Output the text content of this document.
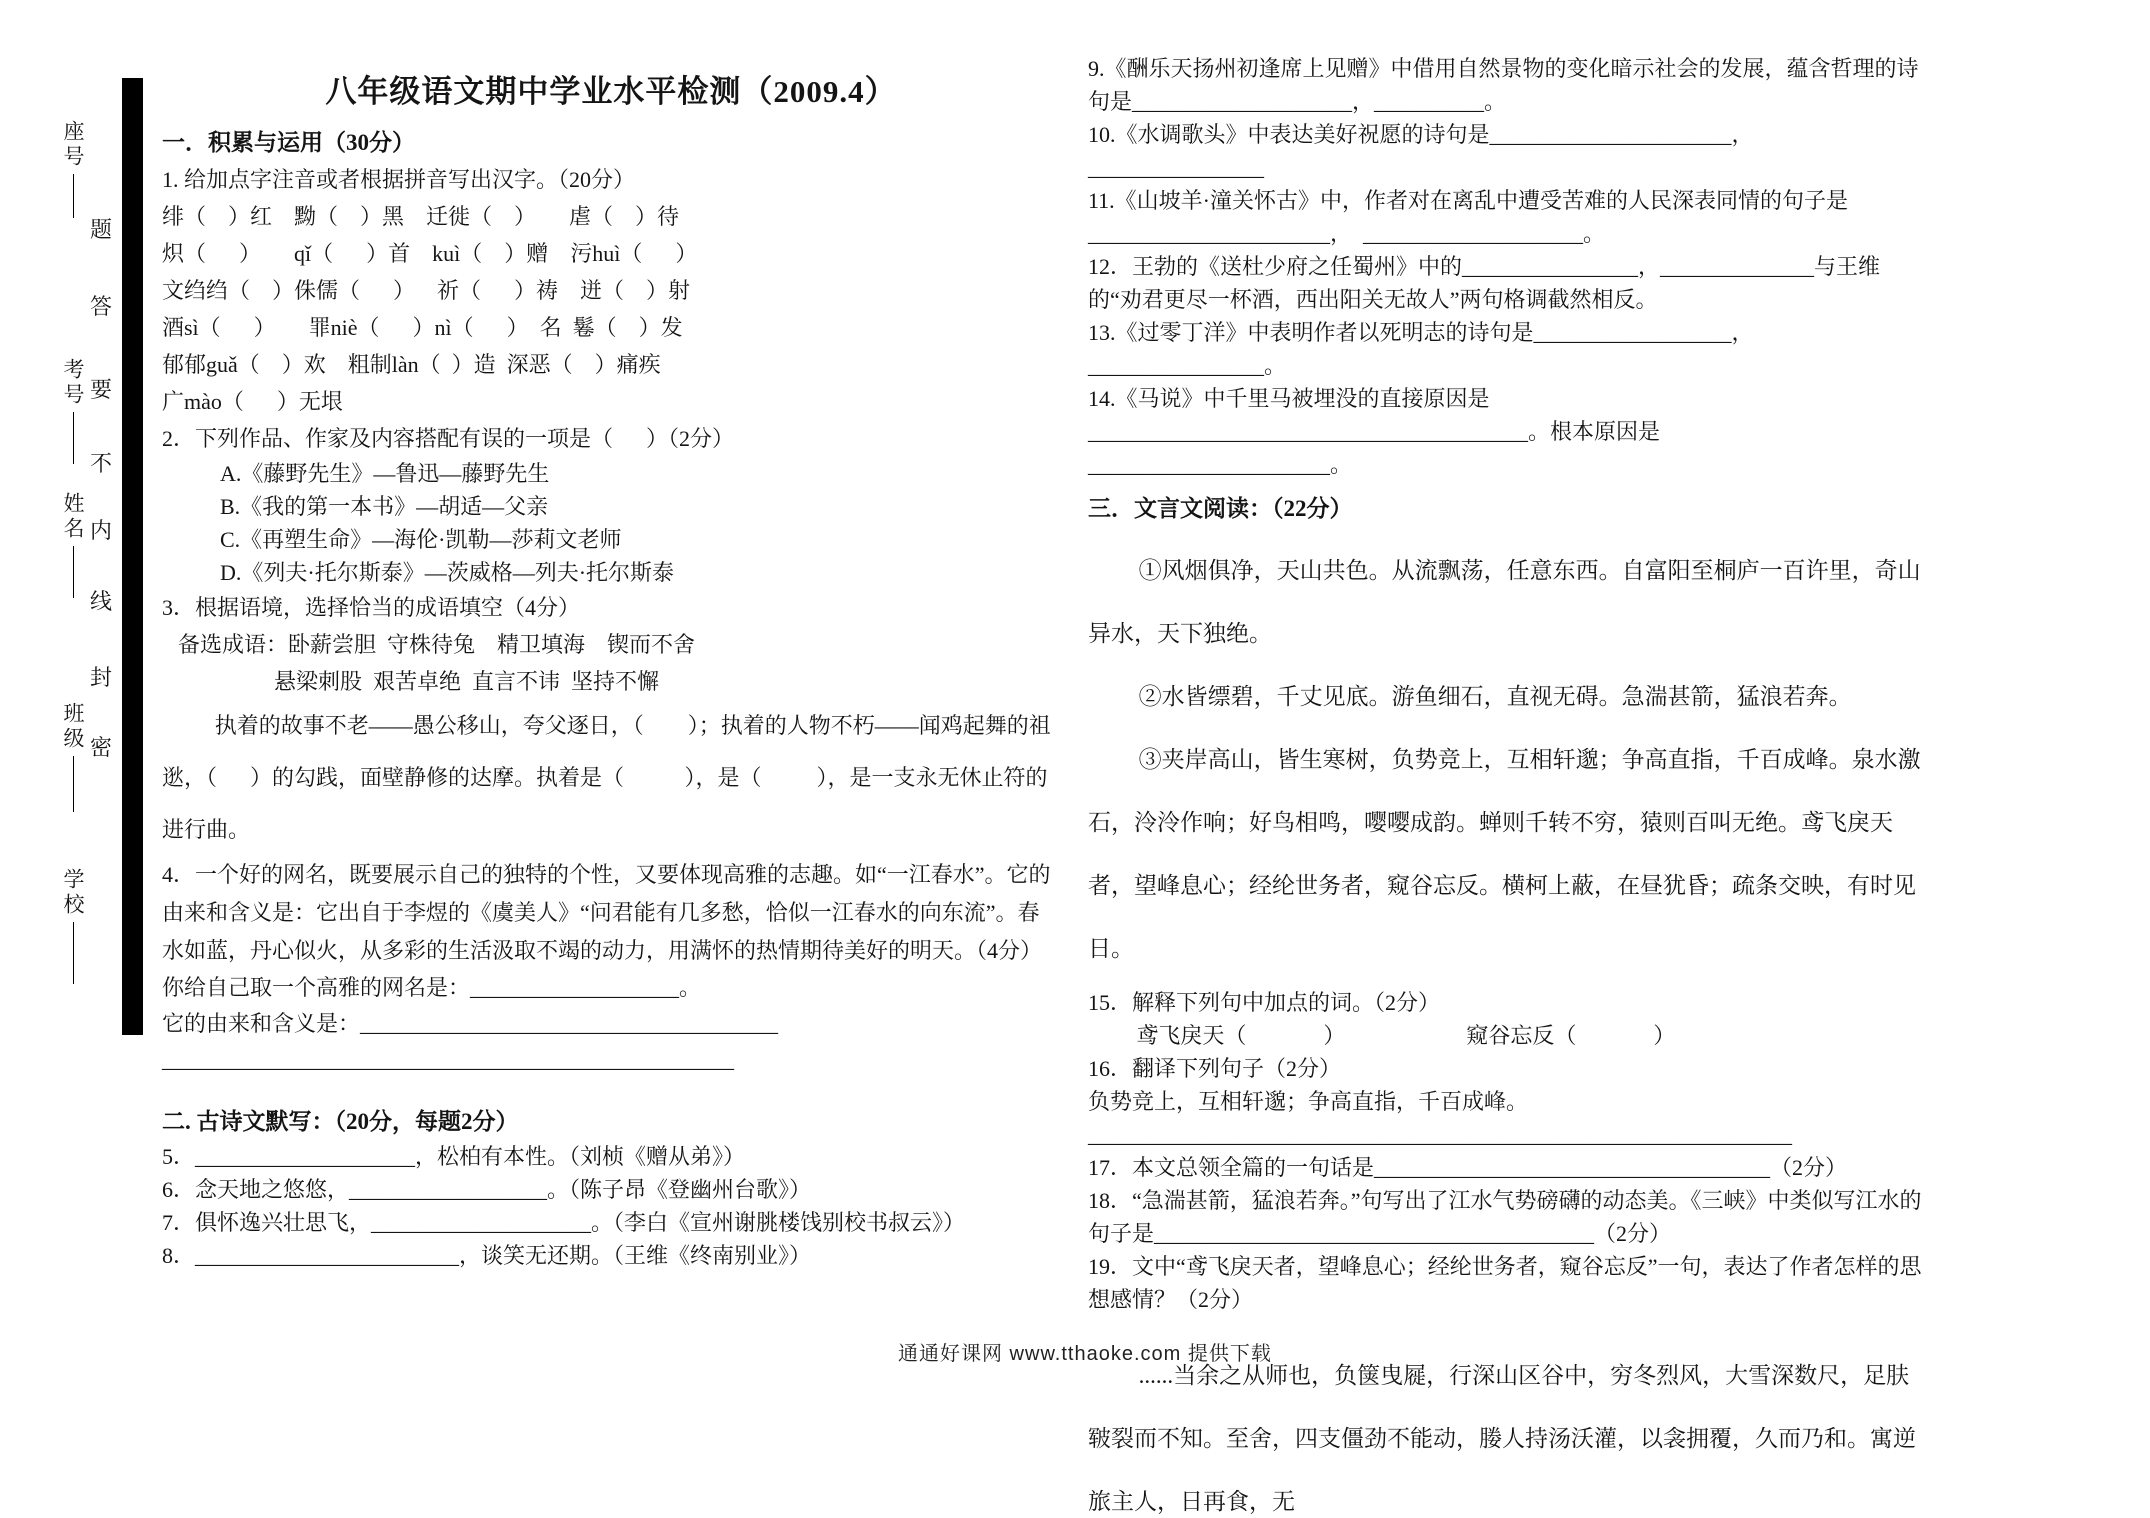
座号
考号
姓名
班级
学校
题
答
要
不
内
线
封
密
八年级语文期中学业水平检测（2009.4）
一．积累与运用（30分）
1. 给加点字注音或者根据拼音写出汉字。（20分）
绯（    ）红    黝（    ）黑    迁徙（    ）      虐（    ）待
炽（      ）      qǐ（      ）首    kuì（    ）赠    污huì（      ）
文绉绉（    ）侏儒（      ）    祈（      ）祷    迸（    ）射
酒sì（      ）      罪niè（      ）nì（      ）  名  鬈（    ）发
郁郁guǎ（    ）欢    粗制làn（  ）造  深恶（    ）痛疾
广mào（      ）无垠
2．下列作品、作家及内容搭配有误的一项是（      ）（2分）
A.《藤野先生》—鲁迅—藤野先生
B.《我的第一本书》—胡适—父亲
C.《再塑生命》—海伦·凯勒—莎莉文老师
D.《列夫·托尔斯泰》—茨威格—列夫·托尔斯泰
3．根据语境，选择恰当的成语填空（4分）
备选成语：卧薪尝胆  守株待兔    精卫填海    锲而不舍
悬梁刺股  艰苦卓绝  直言不讳  坚持不懈
执着的故事不老——愚公移山，夸父逐日，（        ）；执着的人物不朽——闻鸡起舞的祖逖，（      ）的勾践，面壁静修的达摩。执着是（           ），是（          ），是一支永无休止符的进行曲。
4．一个好的网名，既要展示自己的独特的个性，又要体现高雅的志趣。如“一江春水”。它的由来和含义是：它出自于李煜的《虞美人》“问君能有几多愁，恰似一江春水的向东流”。春水如蓝，丹心似火，从多彩的生活汲取不竭的动力，用满怀的热情期待美好的明天。（4分）
你给自己取一个高雅的网名是：___________________。
它的由来和含义是：______________________________________
____________________________________________________
二. 古诗文默写：（20分，每题2分）
5．____________________，松柏有本性。（刘桢《赠从弟》）
6．念天地之悠悠，__________________。（陈子昂《登幽州台歌》）
7．俱怀逸兴壮思飞，____________________。（李白《宣州谢朓楼饯别校书叔云》）
8．________________________，谈笑无还期。（王维《终南别业》）
9.《酬乐天扬州初逢席上见赠》中借用自然景物的变化暗示社会的发展，蕴含哲理的诗句是____________________，__________。
10.《水调歌头》中表达美好祝愿的诗句是______________________，  ________________
11.《山坡羊·潼关怀古》中，作者对在离乱中遭受苦难的人民深表同情的句子是______________________，  ____________________。
12．王勃的《送杜少府之任蜀州》中的________________，______________与王维的“劝君更尽一杯酒，西出阳关无故人”两句格调截然相反。
13.《过零丁洋》中表明作者以死明志的诗句是__________________，  ________________。
14.《马说》中千里马被埋没的直接原因是________________________________________。根本原因是______________________。
三．文言文阅读：（22分）
①风烟俱净，天山共色。从流飘荡，任意东西。自富阳至桐庐一百许里，奇山异水，天下独绝。
②水皆缥碧，千丈见底。游鱼细石，直视无碍。急湍甚箭，猛浪若奔。
③夹岸高山，皆生寒树，负势竞上，互相轩邈；争高直指，千百成峰。泉水激石，泠泠作响；好鸟相鸣，嘤嘤成韵。蝉则千转不穷，猿则百叫无绝。鸢飞戾天者，望峰息心；经纶世务者，窥谷忘反。横柯上蔽，在昼犹昏；疏条交映，有时见日。
15．解释下列句中加点的词。（2分）
鸢飞戾天（              ）                      窥谷忘反（              ）
16．翻译下列句子（2分）
负势竞上，互相轩邈；争高直指，千百成峰。
________________________________________________________________
17．本文总领全篇的一句话是____________________________________（2分）
18．“急湍甚箭，猛浪若奔。”句写出了江水气势磅礴的动态美。《三峡》中类似写江水的句子是________________________________________（2分）
19．文中“鸢飞戾天者，望峰息心；经纶世务者，窥谷忘反”一句，表达了作者怎样的思想感情？（2分）
......当余之从师也，负箧曳屣，行深山区谷中，穷冬烈风，大雪深数尺，足肤皲裂而不知。至舍，四支僵劲不能动，媵人持汤沃灌，以衾拥覆，久而乃和。寓逆旅主人，日再食，无
通通好课网 www.tthaoke.com 提供下载
